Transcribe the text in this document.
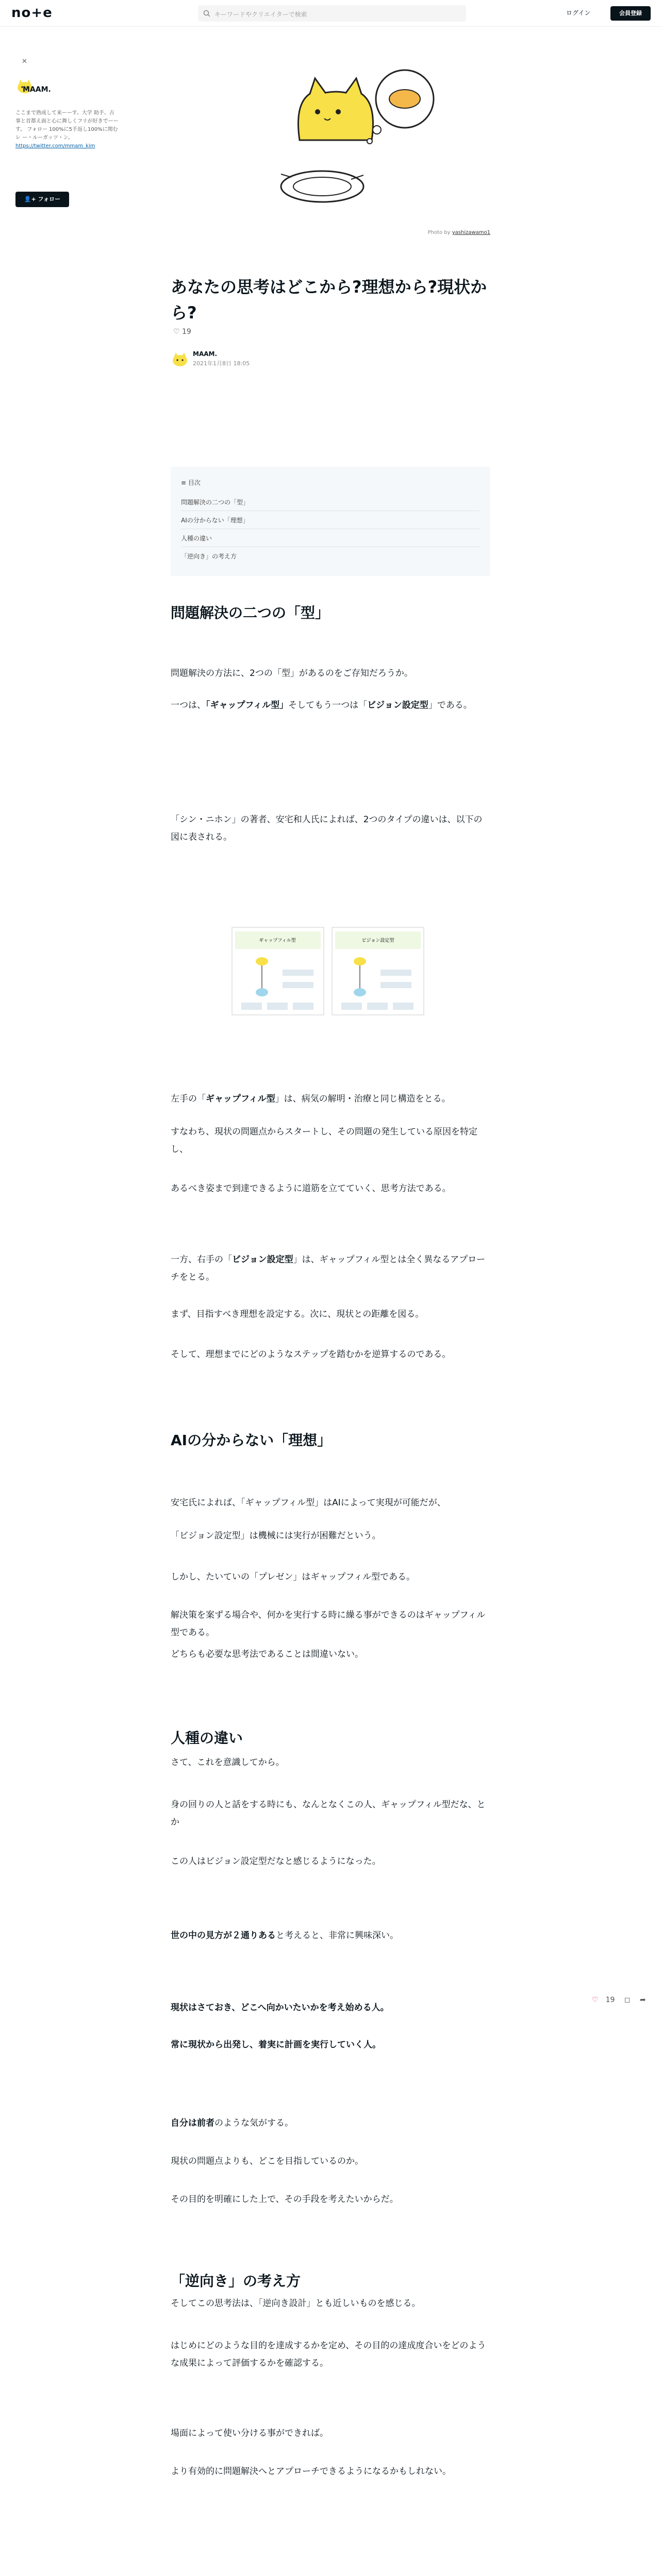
no+e	キーワードやクリエイターで検索	ログイン	会員登録
✕
MAAM.
ここまで熟成して来ーーす。大学 助手、古事と首都え面と心に舞しくフリが好きでーーす。 フォロー 100%に5手返し100%に関むレ ー・ルーガッツ・ン。
https://twitter.com/mmam_kim
👤+ フォロー
Photo by yashizawamo1
あなたの思考はどこから?理想から?現状から?
♡ 19
MAAM.
2021年1月8日 18:05
≡ 目次
問題解決の二つの「型」
AIの分からない「理想」
人種の違い
「逆向き」の考え方
問題解決の二つの「型」
問題解決の方法に、2つの「型」があるのをご存知だろうか。
一つは、「ギャップフィル型」そしてもう一つは「ビジョン設定型」である。
「シン・ニホン」の著者、安宅和人氏によれば、2つのタイプの違いは、以下の図に表される。
ギャップフィル型	ビジョン設定型
左手の「ギャップフィル型」は、病気の解明・治療と同じ構造をとる。
すなわち、現状の問題点からスタートし、その問題の発生している原因を特定し、
あるべき姿まで到達できるように道筋を立てていく、思考方法である。
一方、右手の「ビジョン設定型」は、ギャップフィル型とは全く異なるアプローチをとる。
まず、目指すべき理想を設定する。次に、現状との距離を図る。
そして、理想までにどのようなステップを踏むかを逆算するのである。
AIの分からない「理想」
安宅氏によれば、「ギャップフィル型」はAIによって実現が可能だが、
「ビジョン設定型」は機械には実行が困難だという。
しかし、たいていの「プレゼン」はギャップフィル型である。
解決策を案ずる場合や、何かを実行する時に繰る事ができるのはギャップフィル型である。
どちらも必要な思考法であることは間違いない。
人種の違い
さて、これを意識してから。
身の回りの人と話をする時にも、なんとなくこの人、ギャップフィル型だな、とか
この人はビジョン設定型だなと感じるようになった。
世の中の見方が２通りあると考えると、非常に興味深い。
現状はさておき、どこへ向かいたいかを考え始める人。
常に現状から出発し、着実に計画を実行していく人。
自分は前者のような気がする。
現状の問題点よりも、どこを目指しているのか。
その目的を明確にした上で、その手段を考えたいからだ。
♡ 19 ◻ ➦
「逆向き」の考え方
そしてこの思考法は、「逆向き設計」とも近しいものを感じる。
はじめにどのような目的を達成するかを定め、その目的の達成度合いをどのような成果によって評価するかを確認する。
場面によって使い分ける事ができれば。
より有効的に問題解決へとアプローチできるようになるかもしれない。
